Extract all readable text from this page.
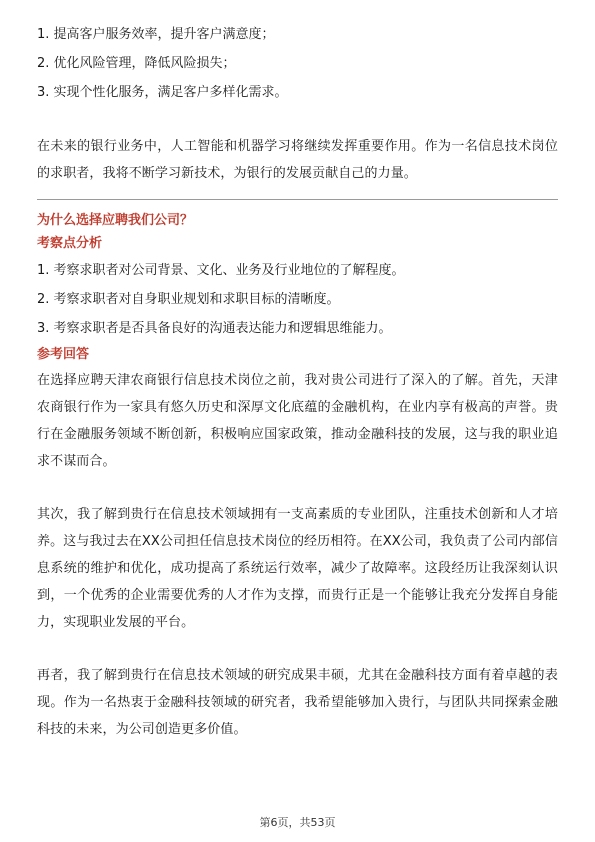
1. 提高客户服务效率，提升客户满意度；

2. 优化风险管理，降低风险损失；

3. 实现个性化服务，满足客户多样化需求。

在未来的银行业务中，人工智能和机器学习将继续发挥重要作用。作为一名信息技术岗位的求职者，我将不断学习新技术，为银行的发展贡献自己的力量。

为什么选择应聘我们公司？

考察点分析

1. 考察求职者对公司背景、文化、业务及行业地位的了解程度。

2. 考察求职者对自身职业规划和求职目标的清晰度。

3. 考察求职者是否具备良好的沟通表达能力和逻辑思维能力。

参考回答

在选择应聘天津农商银行信息技术岗位之前，我对贵公司进行了深入的了解。首先，天津农商银行作为一家具有悠久历史和深厚文化底蕴的金融机构，在业内享有极高的声誉。贵行在金融服务领域不断创新，积极响应国家政策，推动金融科技的发展，这与我的职业追求不谋而合。

其次，我了解到贵行在信息技术领域拥有一支高素质的专业团队，注重技术创新和人才培养。这与我过去在XX公司担任信息技术岗位的经历相符。在XX公司，我负责了公司内部信息系统的维护和优化，成功提高了系统运行效率，减少了故障率。这段经历让我深刻认识到，一个优秀的企业需要优秀的人才作为支撑，而贵行正是一个能够让我充分发挥自身能力，实现职业发展的平台。

再者，我了解到贵行在信息技术领域的研究成果丰硕，尤其在金融科技方面有着卓越的表现。作为一名热衷于金融科技领域的研究者，我希望能够加入贵行，与团队共同探索金融科技的未来，为公司创造更多价值。

第6页，共53页
